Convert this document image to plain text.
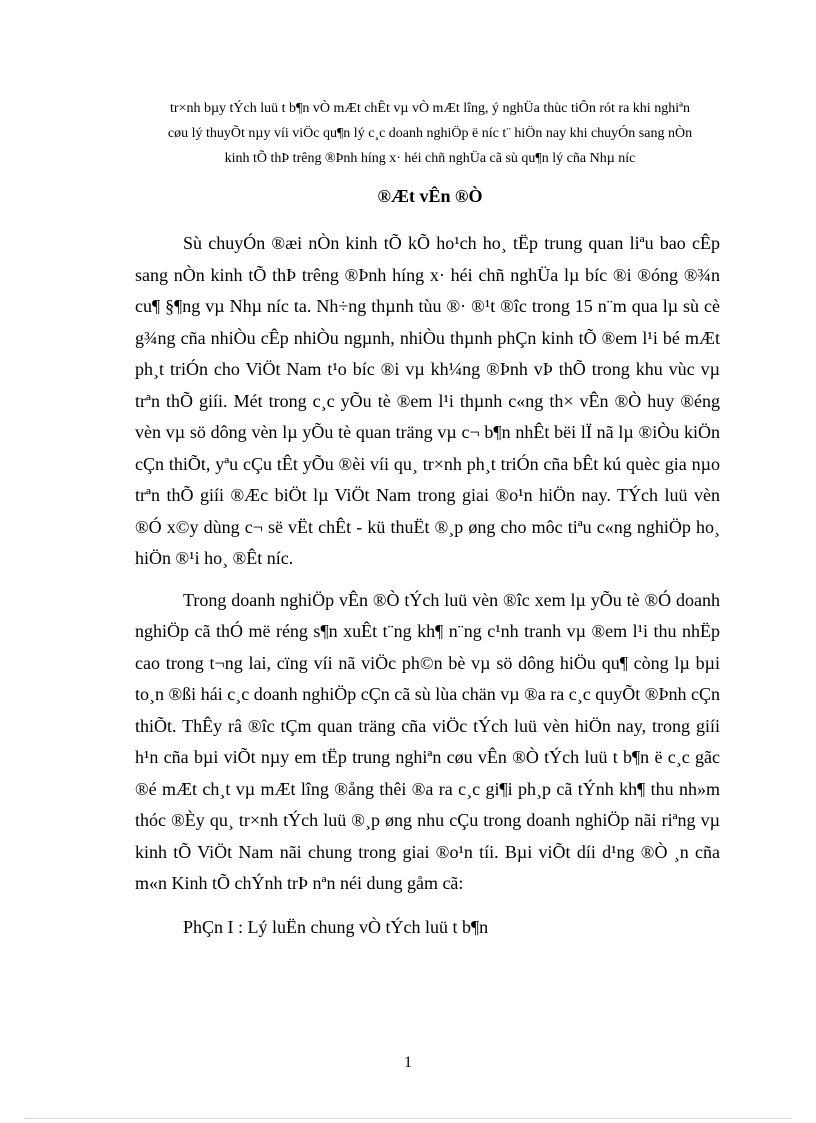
tr×nh bµy tÝch luü t b¶n vÒ mÆt chÊt vµ vÒ mÆt lîng, ý nghÜa thùc tiÔn rót ra khi nghiªn

cøu lý thuyÕt nµy víi viÖc qu¶n lý c¸c doanh nghiÖp ë níc t¨ hiÖn nay khi chuyÓn sang nÒn

kinh tÕ thÞ trêng ®Þnh híng x· héi chñ nghÜa cã sù qu¶n lý cña Nhµ níc

®Æt vÊn ®Ò

Sù chuyÓn ®æi nÒn kinh tÕ kÕ ho¹ch ho¸ tËp trung quan liªu bao cÊp sang nÒn kinh tÕ thÞ trêng ®Þnh híng x· héi chñ nghÜa lµ bíc ®i ®óng ®¾n cu¶ §¶ng vµ Nhµ níc ta. Nh÷ng thµnh tùu ®· ®¹t ®îc trong 15 n¨m qua lµ sù cè g¾ng cña nhiÒu cÊp nhiÒu ngµnh, nhiÒu thµnh phÇn kinh tÕ ®em l¹i bé mÆt ph¸t triÓn cho ViÖt Nam t¹o bíc ®i vµ kh¼ng ®Þnh vÞ thÕ trong khu vùc vµ trªn thÕ giíi. Mét trong c¸c yÕu tè ®em l¹i thµnh c«ng th× vÊn ®Ò huy ®éng vèn vµ sö dông vèn lµ yÕu tè quan träng vµ c¬ b¶n nhÊt bëi lÏ nã lµ ®iÒu kiÖn cÇn thiÕt, yªu cÇu tÊt yÕu ®èi víi qu¸ tr×nh ph¸t triÓn cña bÊt kú quèc gia nµo trªn thÕ giíi ®Æc biÖt lµ ViÖt Nam trong giai ®o¹n hiÖn nay. TÝch luü vèn ®Ó x©y dùng c¬ së vËt chÊt - kü thuËt ®¸p øng cho môc tiªu c«ng nghiÖp ho¸ hiÖn ®¹i ho¸ ®Êt níc.

Trong doanh nghiÖp vÊn ®Ò tÝch luü vèn ®îc xem lµ yÕu tè ®Ó doanh nghiÖp cã thÓ më réng s¶n xuÊt t¨ng kh¶ n¨ng c¹nh tranh vµ ®em l¹i thu nhËp cao trong t¬ng lai, cïng víi nã viÖc ph©n bè vµ sö dông hiÖu qu¶ còng lµ bµi to¸n ®ßi hái c¸c doanh nghiÖp cÇn cã sù lùa chän vµ ®a ra c¸c quyÕt ®Þnh cÇn thiÕt. ThÊy râ ®îc tÇm quan träng cña viÖc tÝch luü vèn hiÖn nay, trong giíi h¹n cña bµi viÕt nµy em tËp trung nghiªn cøu vÊn ®Ò tÝch luü t b¶n ë c¸c gãc ®é mÆt ch¸t vµ mÆt lîng ®ång thêi ®a ra c¸c gi¶i ph¸p cã tÝnh kh¶ thu nh»m thóc ®Èy qu¸ tr×nh tÝch luü ®¸p øng nhu cÇu trong doanh nghiÖp nãi riªng vµ kinh tÕ ViÖt Nam nãi chung trong giai ®o¹n tíi. Bµi viÕt díi d¹ng ®Ò ¸n cña m«n Kinh tÕ chÝnh trÞ nªn néi dung gåm cã:

PhÇn I : Lý luËn chung vÒ tÝch luü t b¶n

1
